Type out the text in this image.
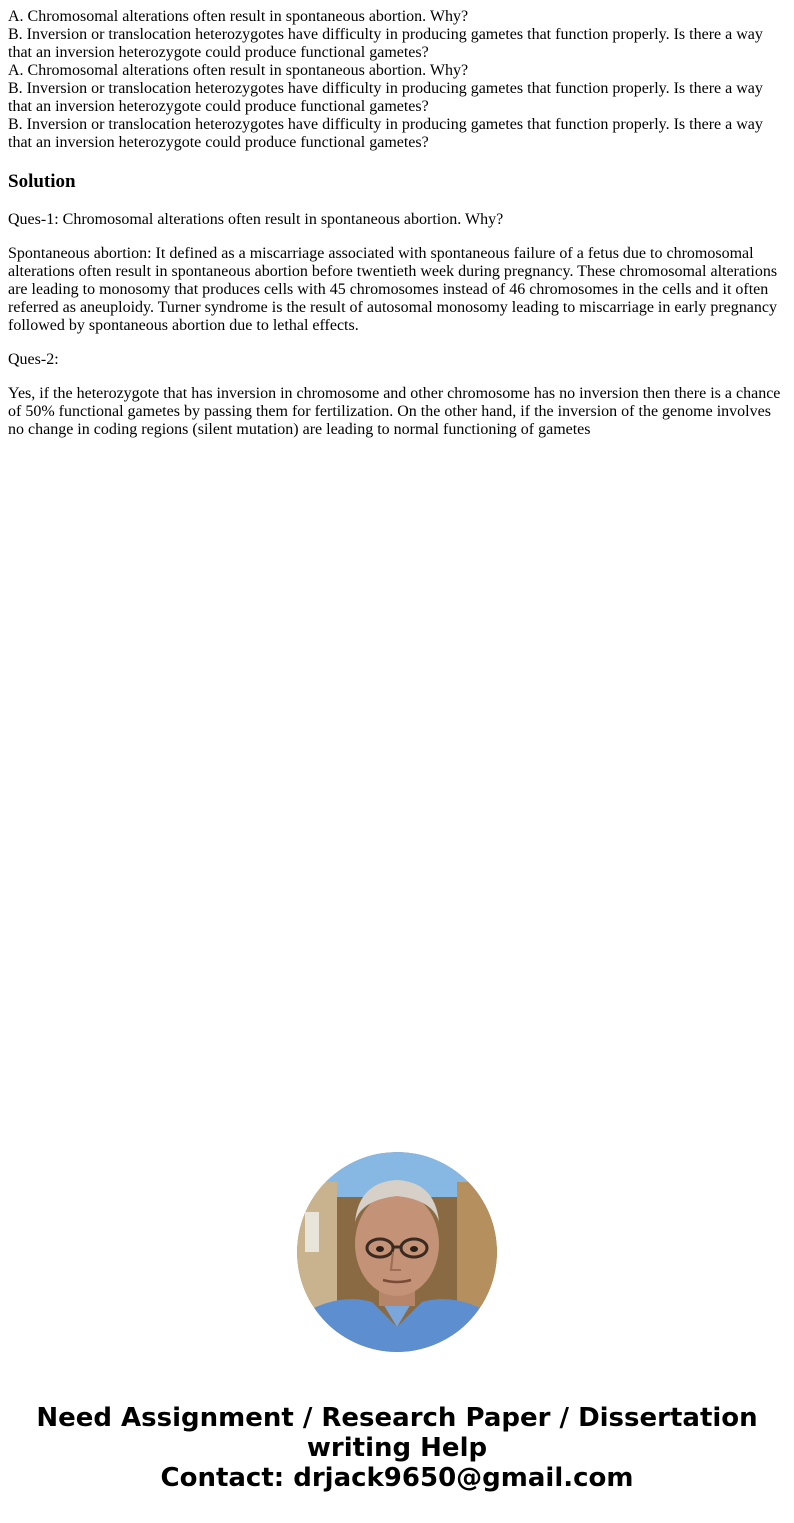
A. Chromosomal alterations often result in spontaneous abortion. Why?
B. Inversion or translocation heterozygotes have difficulty in producing gametes that function properly. Is there a way that an inversion heterozygote could produce functional gametes?
A. Chromosomal alterations often result in spontaneous abortion. Why?
B. Inversion or translocation heterozygotes have difficulty in producing gametes that function properly. Is there a way that an inversion heterozygote could produce functional gametes?
B. Inversion or translocation heterozygotes have difficulty in producing gametes that function properly. Is there a way that an inversion heterozygote could produce functional gametes?
Solution

Ques-1: Chromosomal alterations often result in spontaneous abortion. Why?

Spontaneous abortion: It defined as a miscarriage associated with spontaneous failure of a fetus due to chromosomal alterations often result in spontaneous abortion before twentieth week during pregnancy. These chromosomal alterations are leading to monosomy that produces cells with 45 chromosomes instead of 46 chromosomes in the cells and it often referred as aneuploidy. Turner syndrome is the result of autosomal monosomy leading to miscarriage in early pregnancy followed by spontaneous abortion due to lethal effects.

Ques-2:

Yes, if the heterozygote that has inversion in chromosome and other chromosome has no inversion then there is a chance of 50% functional gametes by passing them for fertilization. On the other hand, if the inversion of the genome involves no change in coding regions (silent mutation) are leading to normal functioning of gametes

Need Assignment / Research Paper / Dissertation writing Help
Contact: drjack9650@gmail.com
